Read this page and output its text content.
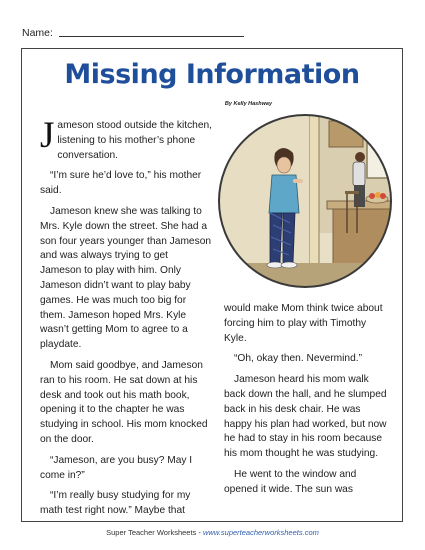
Name:
Missing Information
By Kelly Hashway

J ameson stood outside the kitchen, listening to his mother’s phone conversation.

“I’m sure he’d love to,” his mother said.

Jameson knew she was talking to Mrs. Kyle down the street. She had a son four years younger than Jameson and was always trying to get Jameson to play with him. Only Jameson didn’t want to play baby games. He was much too big for them. Jameson hoped Mrs. Kyle wasn’t getting Mom to agree to a playdate.

Mom said goodbye, and Jameson ran to his room. He sat down at his desk and took out his math book, opening it to the chapter he was studying in school. His mom knocked on the door.

“Jameson, are you busy? May I come in?”

“I’m really busy studying for my math test right now.” Maybe that

would make Mom think twice about forcing him to play with Timothy Kyle.

“Oh, okay then. Nevermind.”

Jameson heard his mom walk back down the hall, and he slumped back in his desk chair. He was happy his plan had worked, but now he had to stay in his room because his mom thought he was studying.

He went to the window and opened it wide. The sun was

Super Teacher Worksheets - www.superteacherworksheets.com
